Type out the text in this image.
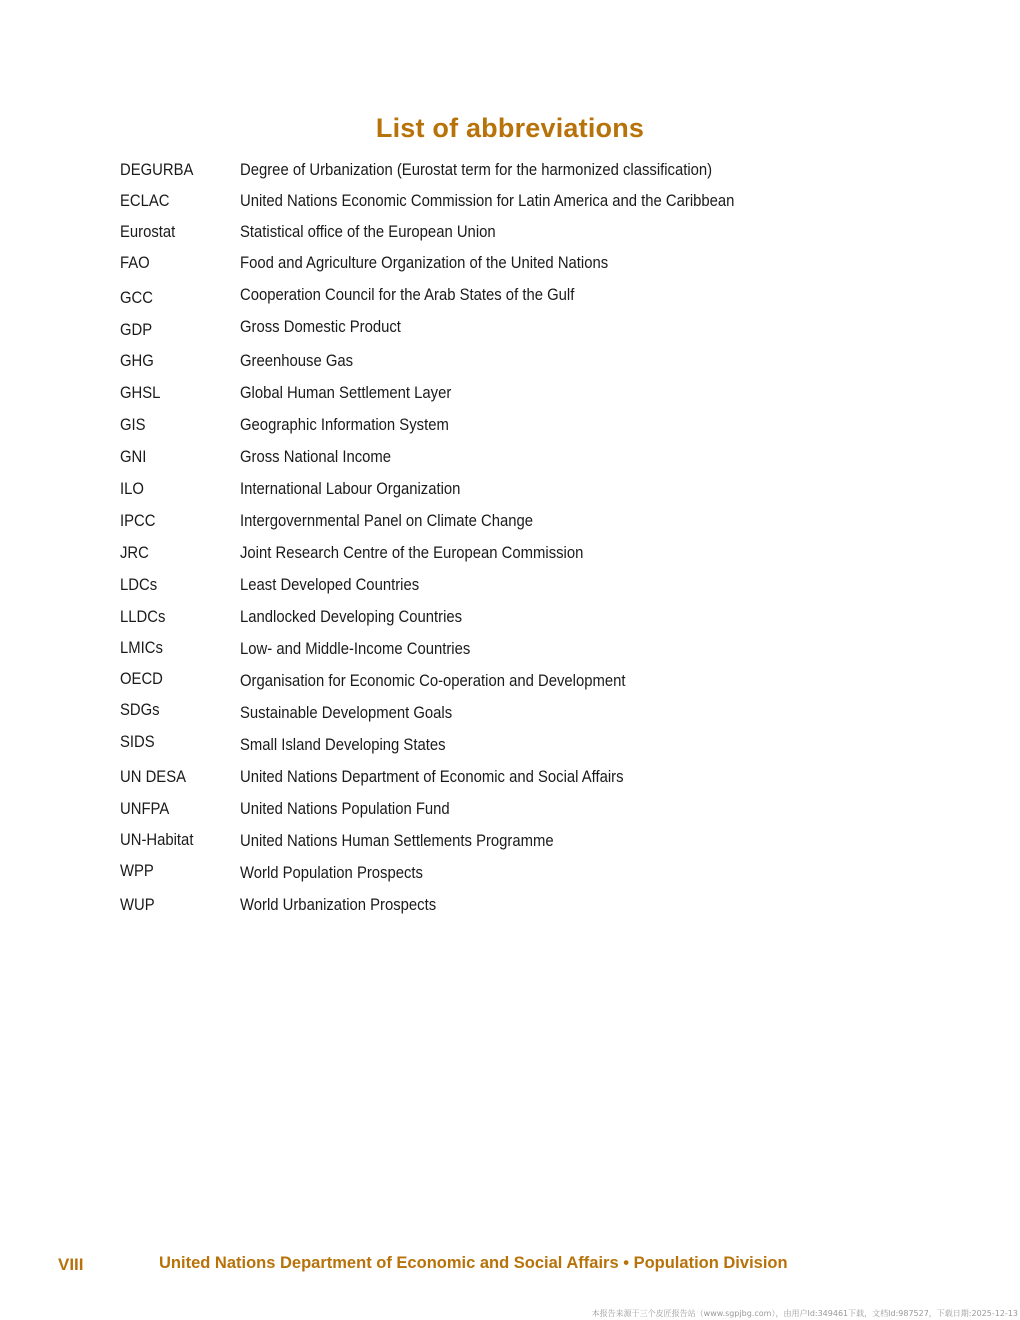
List of abbreviations
DEGURBA	Degree of Urbanization (Eurostat term for the harmonized classification)
ECLAC	United Nations Economic Commission for Latin America and the Caribbean
Eurostat	Statistical office of the European Union
FAO	Food and Agriculture Organization of the United Nations
GCC	Cooperation Council for the Arab States of the Gulf
GDP	Gross Domestic Product
GHG	Greenhouse Gas
GHSL	Global Human Settlement Layer
GIS	Geographic Information System
GNI	Gross National Income
ILO	International Labour Organization
IPCC	Intergovernmental Panel on Climate Change
JRC	Joint Research Centre of the European Commission
LDCs	Least Developed Countries
LLDCs	Landlocked Developing Countries
LMICs	Low- and Middle-Income Countries
OECD	Organisation for Economic Co-operation and Development
SDGs	Sustainable Development Goals
SIDS	Small Island Developing States
UN DESA	United Nations Department of Economic and Social Affairs
UNFPA	United Nations Population Fund
UN-Habitat	United Nations Human Settlements Programme
WPP	World Population Prospects
WUP	World Urbanization Prospects
VIII	United Nations Department of Economic and Social Affairs • Population Division
本报告来源于三个皮匠报告站（www.sgpjbg.com），由用户Id:349461下载，文档Id:987527，下载日期:2025-12-13
